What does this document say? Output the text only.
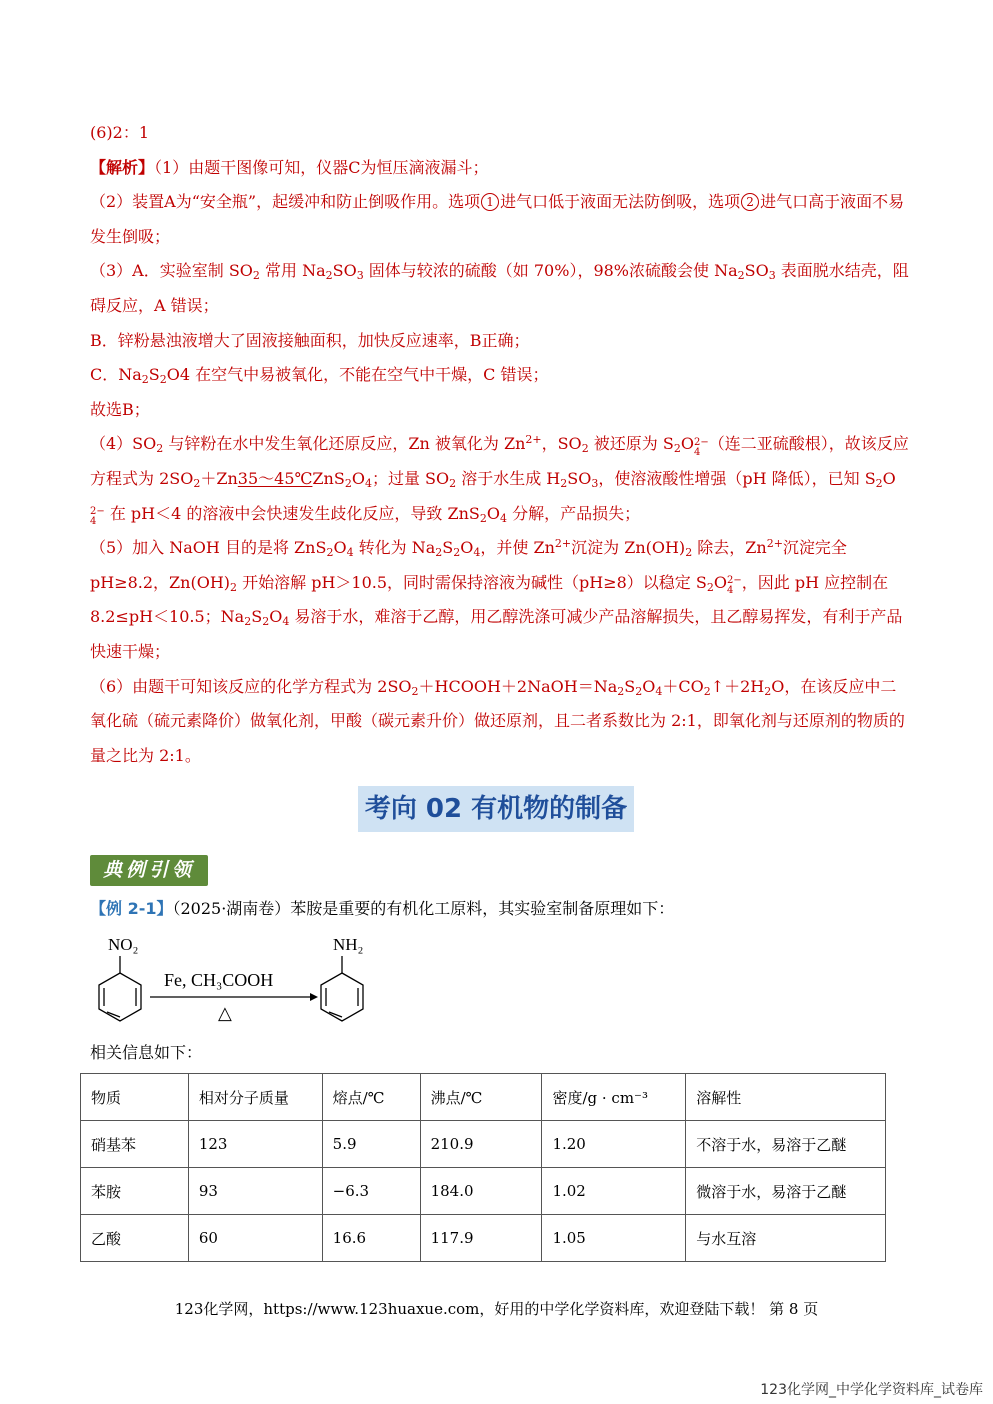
(6)2：1

【解析】（1）由题干图像可知，仪器C为恒压滴液漏斗；

（2）装置A为“安全瓶”，起缓冲和防止倒吸作用。选项 1 进气口低于液面无法防倒吸，选项 2 进气口高于液面不易发生倒吸；

（3）A．实验室制 $SO_2$ 常用 $Na_2SO_3$ 固体与较浓的硫酸（如 70%），98%浓硫酸会使 $Na_2SO_3$ 表面脱水结壳，阻碍反应，A 错误；

B．锌粉悬浊液增大了固液接触面积，加快反应速率，B正确；

C．$Na_2S_2O4$ 在空气中易被氧化，不能在空气中干燥，C 错误；

故选B；

$(4)SO_2$ 与锌粉在水中发生氧化还原反应，Zn 被氧化为 $Zn^{2+}$，$SO_2$ 被还原为 $S_2O2-$
4 （连二亚硫酸根），故该反应方程式为 $2SO_2+Zn35\sim 45℃ZnS_2O_4$；过量 $SO_2$ 溶于水生成 $H_2SO_3$，使溶液酸性增强（pH 降低），已知 $S_2O2-$
4 在 pH＜4 的溶液中会快速发生歧化反应，导致 $ZnS_2O_4$ 分解，产品损失；

（5）加入 NaOH 目的是将 $ZnS_2O_4$ 转化为 $Na_2S_2O_4$，并使 $Zn^{2+}$沉淀为 $Zn(OH)_2$ 除去，$Zn^{2+}$沉淀完全 pH≥8.2，$Zn(OH)_2$ 开始溶解 pH＞10.5，同时需保持溶液为碱性（pH≥8）以稳定 $S_2O2-$
4 ，因此 pH 应控制在 8.2≤pH＜10.5；$Na_2S_2O_4$ 易溶于水，难溶于乙醇，用乙醇洗涤可减少产品溶解损失，且乙醇易挥发，有利于产品快速干燥；

（6）由题干可知该反应的化学方程式为 $2SO_2+HCOOH+2NaOH=Na_2S_2O_4+CO_2↑+2H_2O$，在该反应中二氧化硫（硫元素降价）做氧化剂，甲酸（碳元素升价）做还原剂，且二者系数比为 2:1，即氧化剂与还原剂的物质的量之比为 2:1。

考向 02 有机物的制备
典例引领
【例 2-1】（2025·湖南卷）苯胺是重要的有机化工原料，其实验室制备原理如下：
NO₂
Fe, CH₃COOH
△
NH₂
相关信息如下：
物质	相对分子质量	熔点/℃	沸点/℃	密度/g · cm⁻³	溶解性
硝基苯	123	5.9	210.9	1.20	不溶于水，易溶于乙醚
苯胺	93	−6.3	184.0	1.02	微溶于水，易溶于乙醚
乙酸	60	16.6	117.9	1.05	与水互溶
123化学网，https://www.123huaxue.com，好用的中学化学资料库，欢迎登陆下载！ 第 8 页
123化学网_中学化学资料库_试卷库
